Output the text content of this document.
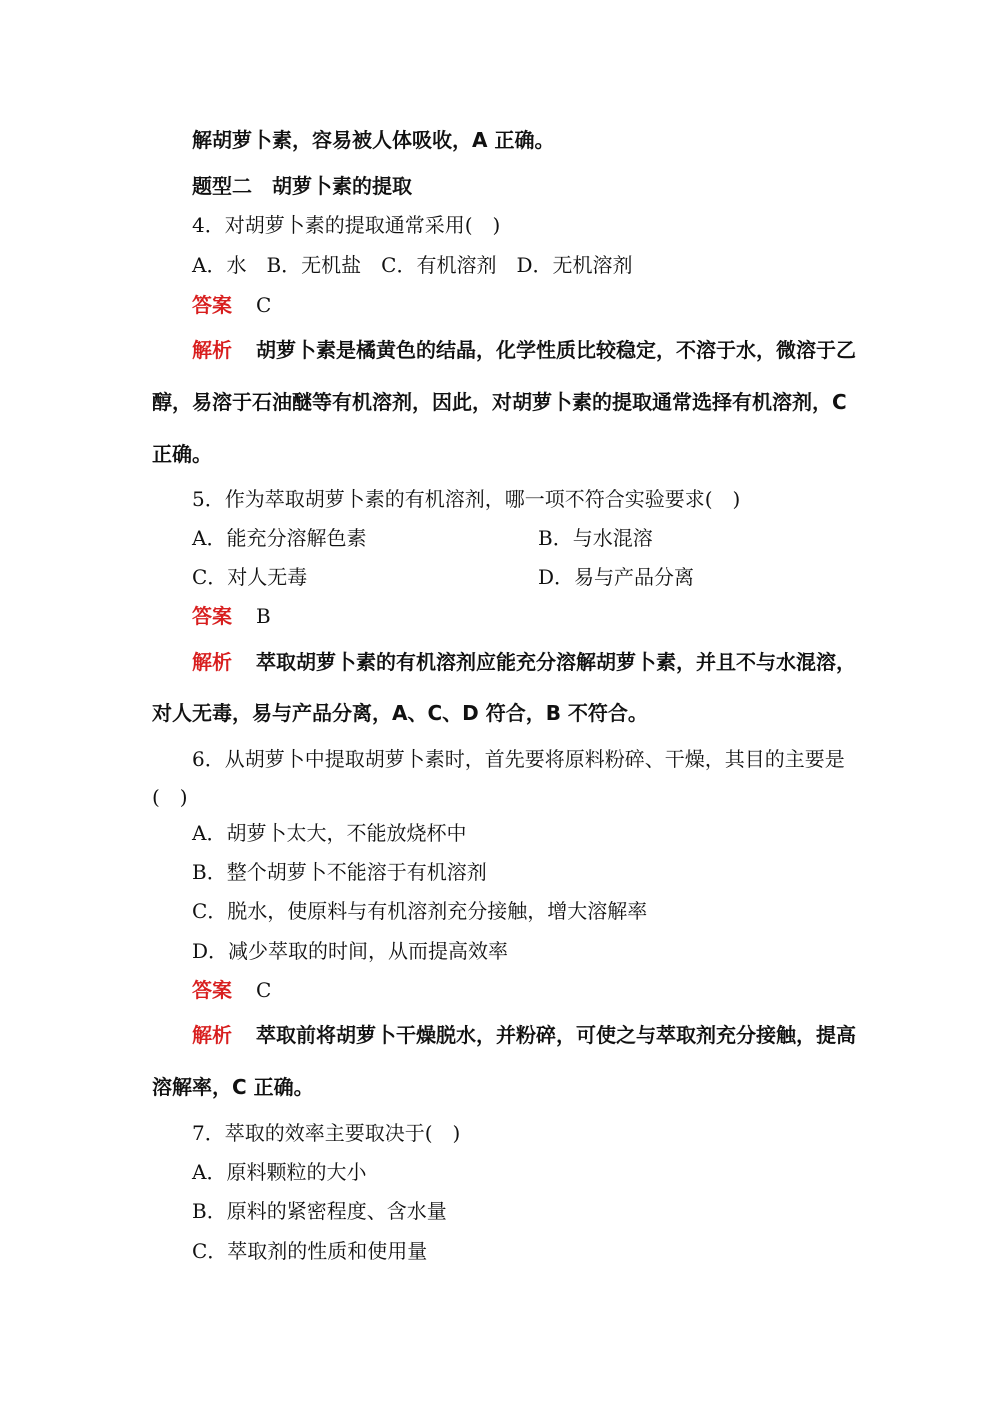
解胡萝卜素，容易被人体吸收，A 正确。
题型二　胡萝卜素的提取
4．对胡萝卜素的提取通常采用(　)
A．水　B．无机盐　C．有机溶剂　D．无机溶剂
答案 C
解析 胡萝卜素是橘黄色的结晶，化学性质比较稳定，不溶于水，微溶于乙
醇，易溶于石油醚等有机溶剂，因此，对胡萝卜素的提取通常选择有机溶剂，C
正确。
5．作为萃取胡萝卜素的有机溶剂，哪一项不符合实验要求(　)
A．能充分溶解色素	B．与水混溶
C．对人无毒	D．易与产品分离
答案 B
解析 萃取胡萝卜素的有机溶剂应能充分溶解胡萝卜素，并且不与水混溶，
对人无毒，易与产品分离，A、C、D 符合，B 不符合。
6．从胡萝卜中提取胡萝卜素时，首先要将原料粉碎、干燥，其目的主要是
(　)
A．胡萝卜太大，不能放烧杯中
B．整个胡萝卜不能溶于有机溶剂
C．脱水，使原料与有机溶剂充分接触，增大溶解率
D．减少萃取的时间，从而提高效率
答案 C
解析 萃取前将胡萝卜干燥脱水，并粉碎，可使之与萃取剂充分接触，提高
溶解率，C 正确。
7．萃取的效率主要取决于(　)
A．原料颗粒的大小
B．原料的紧密程度、含水量
C．萃取剂的性质和使用量
